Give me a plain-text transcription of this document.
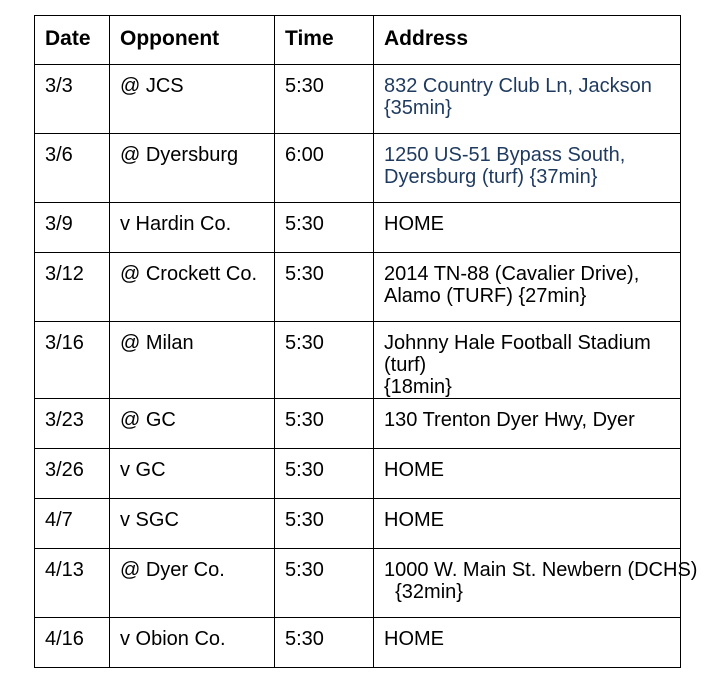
Date	Opponent	Time	Address
3/3	@ JCS	5:30	832 Country Club Ln, Jackson
{35min}
3/6	@ Dyersburg	6:00	1250 US-51 Bypass South,
Dyersburg (turf) {37min}
3/9	v Hardin Co.	5:30	HOME
3/12	@ Crockett Co.	5:30	2014 TN-88 (Cavalier Drive),
Alamo (TURF) {27min}
3/16	@ Milan	5:30	Johnny Hale Football Stadium (turf)
{18min}
3/23	@ GC	5:30	130 Trenton Dyer Hwy, Dyer
3/26	v GC	5:30	HOME
4/7	v SGC	5:30	HOME
4/13	@ Dyer Co.	5:30	1000 W. Main St. Newbern (DCHS)
{32min}
4/16	v Obion Co.	5:30	HOME
